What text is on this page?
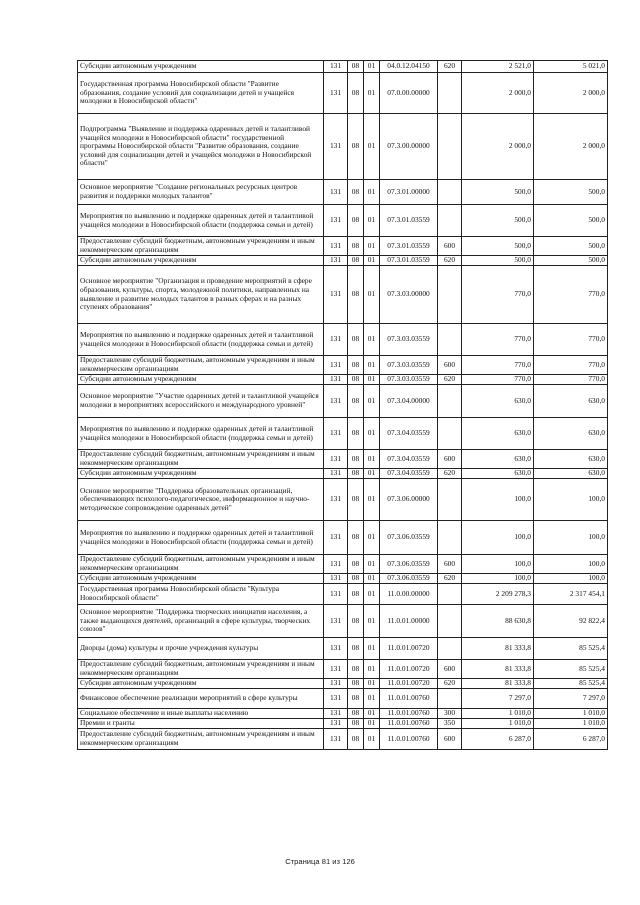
Субсидии автономным учреждениям	131	08	01	04.0.12.04150	620	2 521,0	5 021,0
Государственная программа Новосибирской области "Развитие образования, создание условий для социализации детей и учащейся молодежи в Новосибирской области"	131	08	01	07.0.00.00000		2 000,0	2 000,0
Подпрограмма "Выявление и поддержка одаренных детей и талантливой учащейся молодежи в Новосибирской области" государственной программы Новосибирской области "Развитие образования, создание условий для социализации детей и учащейся молодежи в Новосибирской области"	131	08	01	07.3.00.00000		2 000,0	2 000,0
Основное мероприятие "Создание региональных ресурсных центров развития и поддержки молодых талантов"	131	08	01	07.3.01.00000		500,0	500,0
Мероприятия по выявлению и поддержке одаренных детей и талантливой учащейся молодежи в Новосибирской области (поддержка семьи и детей)	131	08	01	07.3.01.03559		500,0	500,0
Предоставление субсидий бюджетным, автономным учреждениям и иным некоммерческим организациям	131	08	01	07.3.01.03559	600	500,0	500,0
Субсидии автономным учреждениям	131	08	01	07.3.01.03559	620	500,0	500,0
Основное мероприятие "Организация и проведение мероприятий в сфере образования, культуры, спорта, молодежной политики, направленных на выявление и развитие молодых талантов в разных сферах и на разных ступенях образования"	131	08	01	07.3.03.00000		770,0	770,0
Мероприятия по выявлению и поддержке одаренных детей и талантливой учащейся молодежи в Новосибирской области (поддержка семьи и детей)	131	08	01	07.3.03.03559		770,0	770,0
Предоставление субсидий бюджетным, автономным учреждениям и иным некоммерческим организациям	131	08	01	07.3.03.03559	600	770,0	770,0
Субсидии автономным учреждениям	131	08	01	07.3.03.03559	620	770,0	770,0
Основное мероприятие "Участие одаренных детей и талантливой учащейся молодежи в мероприятиях всероссийского и международного уровней"	131	08	01	07.3.04.00000		630,0	630,0
Мероприятия по выявлению и поддержке одаренных детей и талантливой учащейся молодежи в Новосибирской области (поддержка семьи и детей)	131	08	01	07.3.04.03559		630,0	630,0
Предоставление субсидий бюджетным, автономным учреждениям и иным некоммерческим организациям	131	08	01	07.3.04.03559	600	630,0	630,0
Субсидии автономным учреждениям	131	08	01	07.3.04.03559	620	630,0	630,0
Основное мероприятие "Поддержка образовательных организаций, обеспечивающих психолого-педагогическое, информационное и научно-методическое сопровождение одаренных детей"	131	08	01	07.3.06.00000		100,0	100,0
Мероприятия по выявлению и поддержке одаренных детей и талантливой учащейся молодежи в Новосибирской области (поддержка семьи и детей)	131	08	01	07.3.06.03559		100,0	100,0
Предоставление субсидий бюджетным, автономным учреждениям и иным некоммерческим организациям	131	08	01	07.3.06.03559	600	100,0	100,0
Субсидии автономным учреждениям	131	08	01	07.3.06.03559	620	100,0	100,0
Государственная программа Новосибирской области "Культура Новосибирской области"	131	08	01	11.0.00.00000		2 209 278,3	2 317 454,1
Основное мероприятие "Поддержка творческих инициатив населения, а также выдающихся деятелей, организаций в сфере культуры, творческих союзов"	131	08	01	11.0.01.00000		88 630,8	92 822,4
Дворцы (дома) культуры и прочие учреждения культуры	131	08	01	11.0.01.00720		81 333,8	85 525,4
Предоставление субсидий бюджетным, автономным учреждениям и иным некоммерческим организациям	131	08	01	11.0.01.00720	600	81 333,8	85 525,4
Субсидии автономным учреждениям	131	08	01	11.0.01.00720	620	81 333,8	85 525,4
Финансовое обеспечение реализации мероприятий в сфере культуры	131	08	01	11.0.01.00760		7 297,0	7 297,0
Социальное обеспечение и иные выплаты населению	131	08	01	11.0.01.00760	300	1 010,0	1 010,0
Премии и гранты	131	08	01	11.0.01.00760	350	1 010,0	1 010,0
Предоставление субсидий бюджетным, автономным учреждениям и иным некоммерческим организациям	131	08	01	11.0.01.00760	600	6 287,0	6 287,0
Страница 81 из 126
